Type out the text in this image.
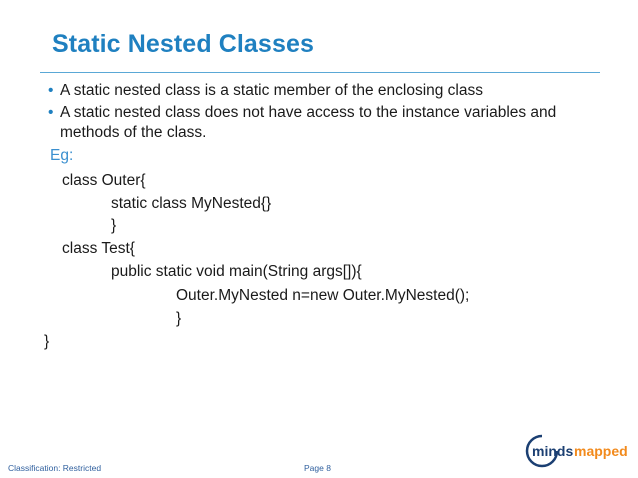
Static Nested Classes
• A static nested class is a static member of the enclosing class
• A static nested class does not have access to the instance variables and
methods of the class.
Eg:
class Outer{
static class MyNested{}
}
class Test{
public static void main(String args[]){
Outer.MyNested n=new Outer.MyNested();
}
}
Classification: Restricted	Page 8
minds mapped
